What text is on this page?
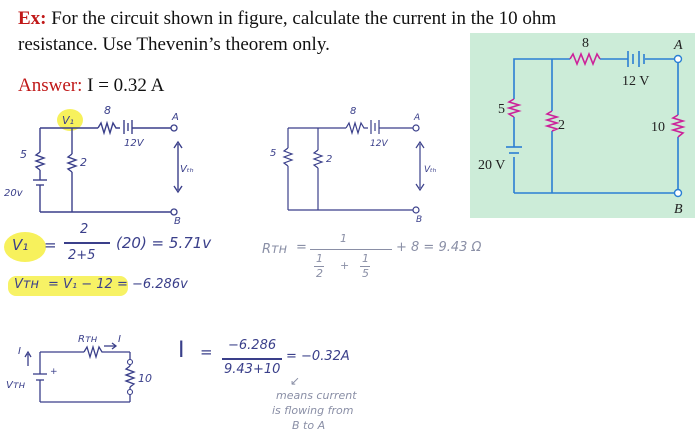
Ex: For the circuit shown in figure, calculate the current in the 10 ohm
resistance. Use Thevenin’s theorem only.
Answer: I = 0.32 A
8
12 V
A
B
5
2	10
20 V
V₁
8
12V
A
5
2
20v
Vₜₕ
B
8
12V
A
5
2
Vₜₕ
B
V₁ =
2
2+5
(20) = 5.71v
Vᴛʜ = V₁ − 12 = −6.286v
Rᴛʜ =
1
1
2
+
1
5
+ 8 = 9.43 Ω
Rᴛʜ I
I
Vᴛʜ
+	10
I = −6.286
9.43+10
= −0.32A
↙
means current
is flowing from
B to A
